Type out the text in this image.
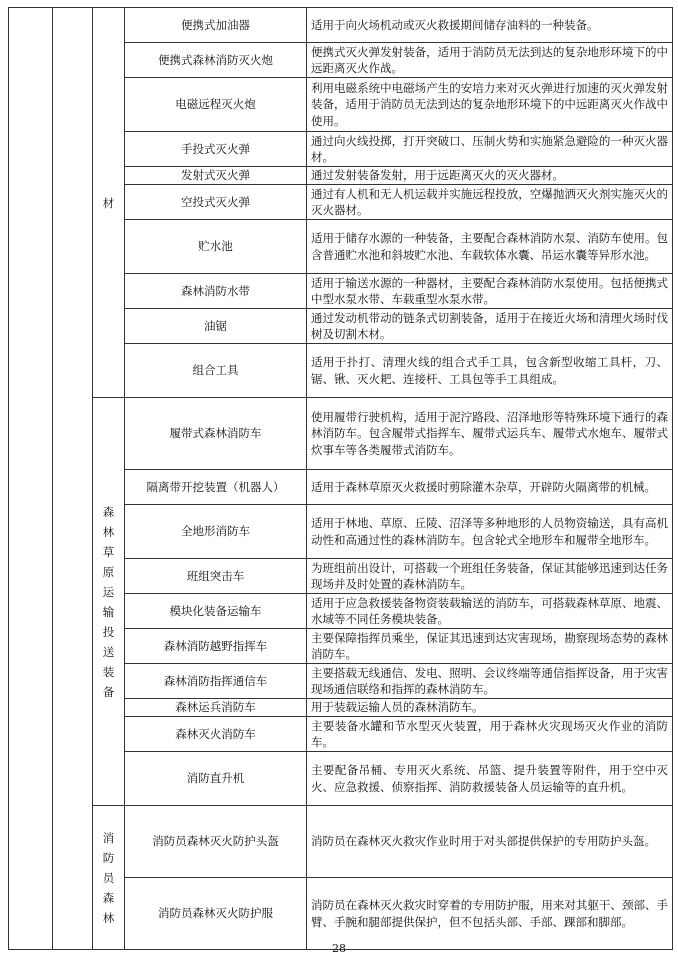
		材	便携式加油器	适用于向火场机动或灭火救援期间储存油料的一种装备。
			便携式森林消防灭火炮	便携式灭火弹发射装备，适用于消防员无法到达的复杂地形环境下的中远距离灭火作战。
			电磁远程灭火炮	利用电磁系统中电磁场产生的安培力来对灭火弹进行加速的灭火弹发射装备，适用于消防员无法到达的复杂地形环境下的中远距离灭火作战中使用。
			手投式灭火弹	通过向火线投掷，打开突破口、压制火势和实施紧急避险的一种灭火器材。
			发射式灭火弹	通过发射装备发射，用于远距离灭火的灭火器材。
			空投式灭火弹	通过有人机和无人机运载并实施远程投放，空爆抛洒灭火剂实施灭火的灭火器材。
			贮水池	适用于储存水源的一种装备，主要配合森林消防水泵、消防车使用。包含普通贮水池和斜坡贮水池、车载软体水囊、吊运水囊等异形水池。
			森林消防水带	适用于输送水源的一种器材，主要配合森林消防水泵使用。包括便携式中型水泵水带、车载重型水泵水带。
			油锯	通过发动机带动的链条式切割装备，适用于在接近火场和清理火场时伐树及切割木材。
			组合工具	适用于扑打、清理火线的组合式手工具，包含新型收缩工具杆，刀、锯、锹、灭火耙、连接杆、工具包等手工具组成。

		森林草原运输投送装备	履带式森林消防车	使用履带行驶机构，适用于泥泞路段、沼泽地形等特殊环境下通行的森林消防车。包含履带式指挥车、履带式运兵车、履带式水炮车、履带式炊事车等各类履带式消防车。
			隔离带开挖装置（机器人）	适用于森林草原灭火救援时剪除灌木杂草，开辟防火隔离带的机械。
			全地形消防车	适用于林地、草原、丘陵、沼泽等多种地形的人员物资输送，具有高机动性和高通过性的森林消防车。包含轮式全地形车和履带全地形车。
			班组突击车	为班组前出设计，可搭载一个班组任务装备，保证其能够迅速到达任务现场并及时处置的森林消防车。
			模块化装备运输车	适用于应急救援装备物资装载输送的消防车，可搭载森林草原、地震、水域等不同任务模块装备。
			森林消防越野指挥车	主要保障指挥员乘坐，保证其迅速到达灾害现场，勘察现场态势的森林消防车。
			森林消防指挥通信车	主要搭载无线通信、发电、照明、会议终端等通信指挥设备，用于灾害现场通信联络和指挥的森林消防车。
			森林运兵消防车	用于装载运输人员的森林消防车。
			森林灭火消防车	主要装备水罐和节水型灭火装置，用于森林火灾现场灭火作业的消防车。
			消防直升机	主要配备吊桶、专用灭火系统、吊篮、提升装置等附件，用于空中灭火、应急救援、侦察指挥、消防救援装备人员运输等的直升机。

		消防员森林	消防员森林灭火防护头盔	消防员在森林灭火救灾作业时用于对头部提供保护的专用防护头盔。
			消防员森林灭火防护服	消防员在森林灭火救灾时穿着的专用防护服，用来对其躯干、颈部、手臂、手腕和腿部提供保护，但不包括头部、手部、踝部和脚部。
28
